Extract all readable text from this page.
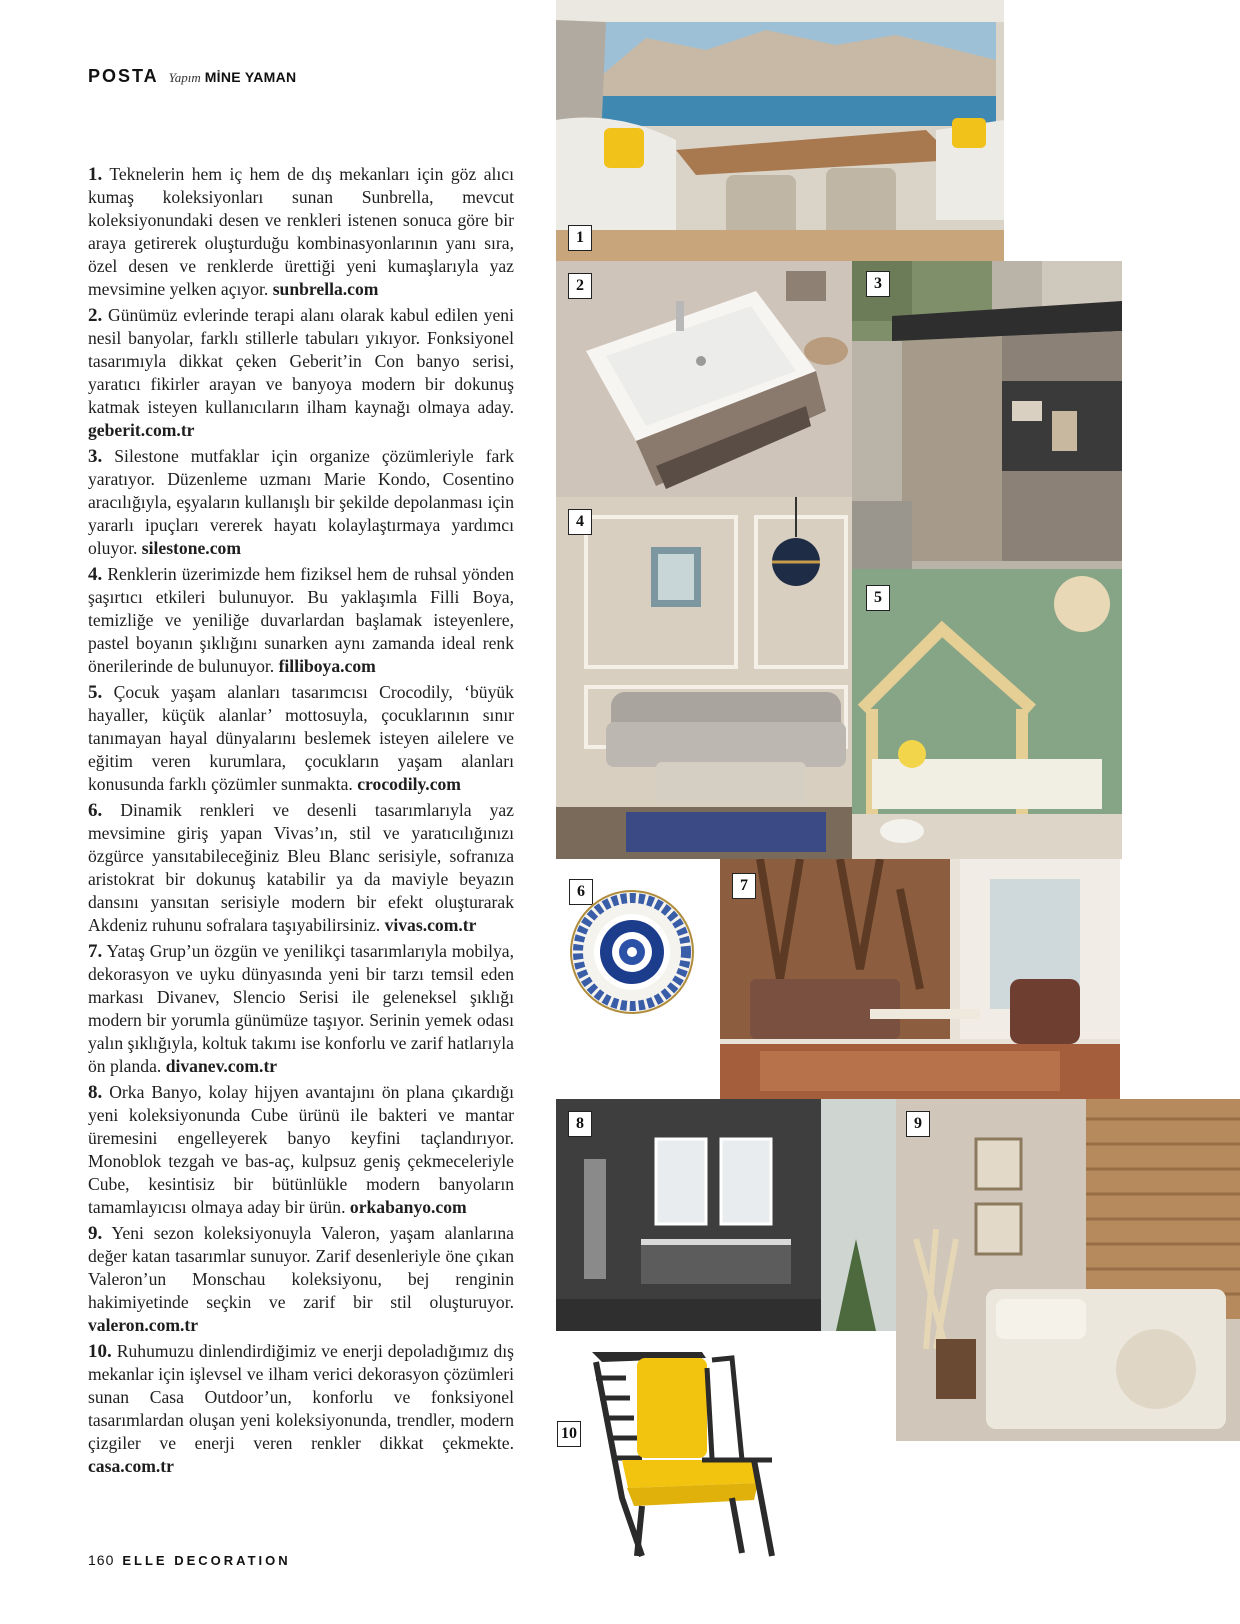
POSTA Yapım MİNE YAMAN

1. Teknelerin hem iç hem de dış mekanları için göz alıcı kumaş koleksiyonları sunan Sunbrella, mevcut koleksiyonundaki desen ve renkleri istenen sonuca göre bir araya getirerek oluşturduğu kombinasyonlarının yanı sıra, özel desen ve renklerde ürettiği yeni kumaşlarıyla yaz mevsimine yelken açıyor. sunbrella.com

2. Günümüz evlerinde terapi alanı olarak kabul edilen yeni nesil banyolar, farklı stillerle tabuları yıkıyor. Fonksiyonel tasarımıyla dikkat çeken Geberit’in Con banyo serisi, yaratıcı fikirler arayan ve banyoya modern bir dokunuş katmak isteyen kullanıcıların ilham kaynağı olmaya aday. geberit.com.tr

3. Silestone mutfaklar için organize çözümleriyle fark yaratıyor. Düzenleme uzmanı Marie Kondo, Cosentino aracılığıyla, eşyaların kullanışlı bir şekilde depolanması için yararlı ipuçları vererek hayatı kolaylaştırmaya yardımcı oluyor. silestone.com

4. Renklerin üzerimizde hem fiziksel hem de ruhsal yönden şaşırtıcı etkileri bulunuyor. Bu yaklaşımla Filli Boya, temizliğe ve yeniliğe duvarlardan başlamak isteyenlere, pastel boyanın şıklığını sunarken aynı zamanda ideal renk önerilerinde de bulunuyor. filliboya.com

5. Çocuk yaşam alanları tasarımcısı Crocodily, ‘büyük hayaller, küçük alanlar’ mottosuyla, çocuklarının sınır tanımayan hayal dünyalarını beslemek isteyen ailelere ve eğitim veren kurumlara, çocukların yaşam alanları konusunda farklı çözümler sunmakta. crocodily.com

6. Dinamik renkleri ve desenli tasarımlarıyla yaz mevsimine giriş yapan Vivas’ın, stil ve yaratıcılığınızı özgürce yansıtabileceğiniz Bleu Blanc serisiyle, sofranıza aristokrat bir dokunuş katabilir ya da maviyle beyazın dansını yansıtan serisiyle modern bir efekt oluşturarak Akdeniz ruhunu sofralara taşıyabilirsiniz. vivas.com.tr

7. Yataş Grup’un özgün ve yenilikçi tasarımlarıyla mobilya, dekorasyon ve uyku dünyasında yeni bir tarzı temsil eden markası Divanev, Slencio Serisi ile geleneksel şıklığı modern bir yorumla günümüze taşıyor. Serinin yemek odası yalın şıklığıyla, koltuk takımı ise konforlu ve zarif hatlarıyla ön planda. divanev.com.tr

8. Orka Banyo, kolay hijyen avantajını ön plana çıkardığı yeni koleksiyonunda Cube ürünü ile bakteri ve mantar üremesini engelleyerek banyo keyfini taçlandırıyor. Monoblok tezgah ve bas-aç, kulpsuz geniş çekmeceleriyle Cube, kesintisiz bir bütünlükle modern banyoların tamamlayıcısı olmaya aday bir ürün. orkabanyo.com

9. Yeni sezon koleksiyonuyla Valeron, yaşam alanlarına değer katan tasarımlar sunuyor. Zarif desenleriyle öne çıkan Valeron’un Monschau koleksiyonu, bej renginin hakimiyetinde seçkin ve zarif bir stil oluşturuyor. valeron.com.tr

10. Ruhumuzu dinlendirdiğimiz ve enerji depoladığımız dış mekanlar için işlevsel ve ilham verici dekorasyon çözümleri sunan Casa Outdoor’un, konforlu ve fonksiyonel tasarımlardan oluşan yeni koleksiyonunda, trendler, modern çizgiler ve enerji veren renkler dikkat çekmekte. casa.com.tr

160 ELLE DECORATION
1
2	3
4
5
6	7
8	9
10
